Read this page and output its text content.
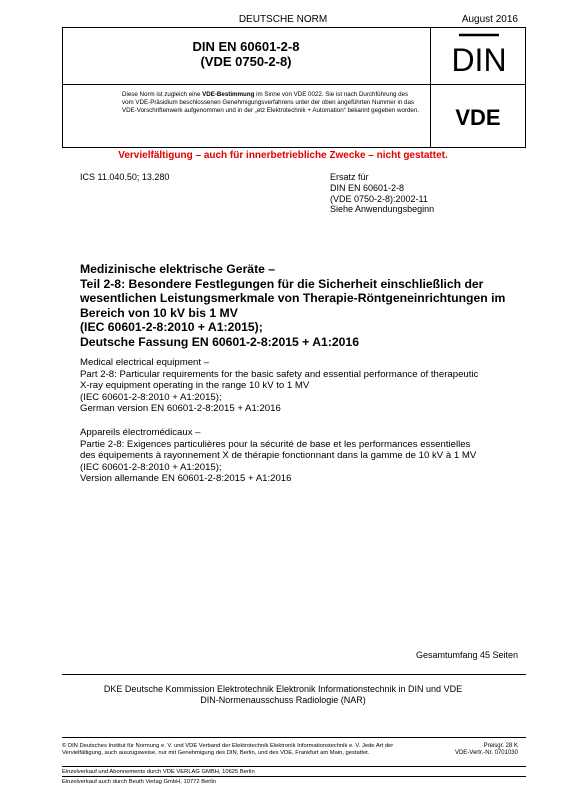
DEUTSCHE NORM	August 2016
DIN EN 60601-2-8
(VDE 0750-2-8)	DIN
Diese Norm ist zugleich eine VDE-Bestimmung im Sinne von VDE 0022. Sie ist nach Durchführung des vom VDE-Präsidium beschlossenen Genehmigungsverfahrens unter der oben angeführten Nummer in das VDE-Vorschriftenwerk aufgenommen und in der „etz Elektrotechnik + Automation“ bekannt gegeben worden.	VDE
Vervielfältigung – auch für innerbetriebliche Zwecke – nicht gestattet.
ICS 11.040.50; 13.280	Ersatz für
DIN EN 60601-2-8
(VDE 0750-2-8):2002-11
Siehe Anwendungsbeginn
Medizinische elektrische Geräte –
Teil 2-8: Besondere Festlegungen für die Sicherheit einschließlich der
wesentlichen Leistungsmerkmale von Therapie-Röntgeneinrichtungen im
Bereich von 10 kV bis 1 MV
(IEC 60601-2-8:2010 + A1:2015);
Deutsche Fassung EN 60601-2-8:2015 + A1:2016
Medical electrical equipment –
Part 2-8: Particular requirements for the basic safety and essential performance of therapeutic
X-ray equipment operating in the range 10 kV to 1 MV
(IEC 60601-2-8:2010 + A1:2015);
German version EN 60601-2-8:2015 + A1:2016
Appareils électromédicaux –
Partie 2-8: Exigences particulières pour la sécurité de base et les performances essentielles
des équipements à rayonnement X de thérapie fonctionnant dans la gamme de 10 kV à 1 MV
(IEC 60601-2-8:2010 + A1:2015);
Version allemande EN 60601-2-8:2015 + A1:2016
Gesamtumfang 45 Seiten
DKE Deutsche Kommission Elektrotechnik Elektronik Informationstechnik in DIN und VDE
DIN-Normenausschuss Radiologie (NAR)
© DIN Deutsches Institut für Normung e. V. und VDE Verband der Elektrotechnik Elektronik Informationstechnik e. V. Jede Art der Vervielfältigung, auch auszugsweise, nur mit Genehmigung des DIN, Berlin, und des VDE, Frankfurt am Main, gestattet.
Preisgr. 28 K
VDE-Vertr.-Nr. 0701030
Einzelverkauf und Abonnements durch VDE VERLAG GMBH, 10625 Berlin
Einzelverkauf auch durch Beuth Verlag GmbH, 10772 Berlin
